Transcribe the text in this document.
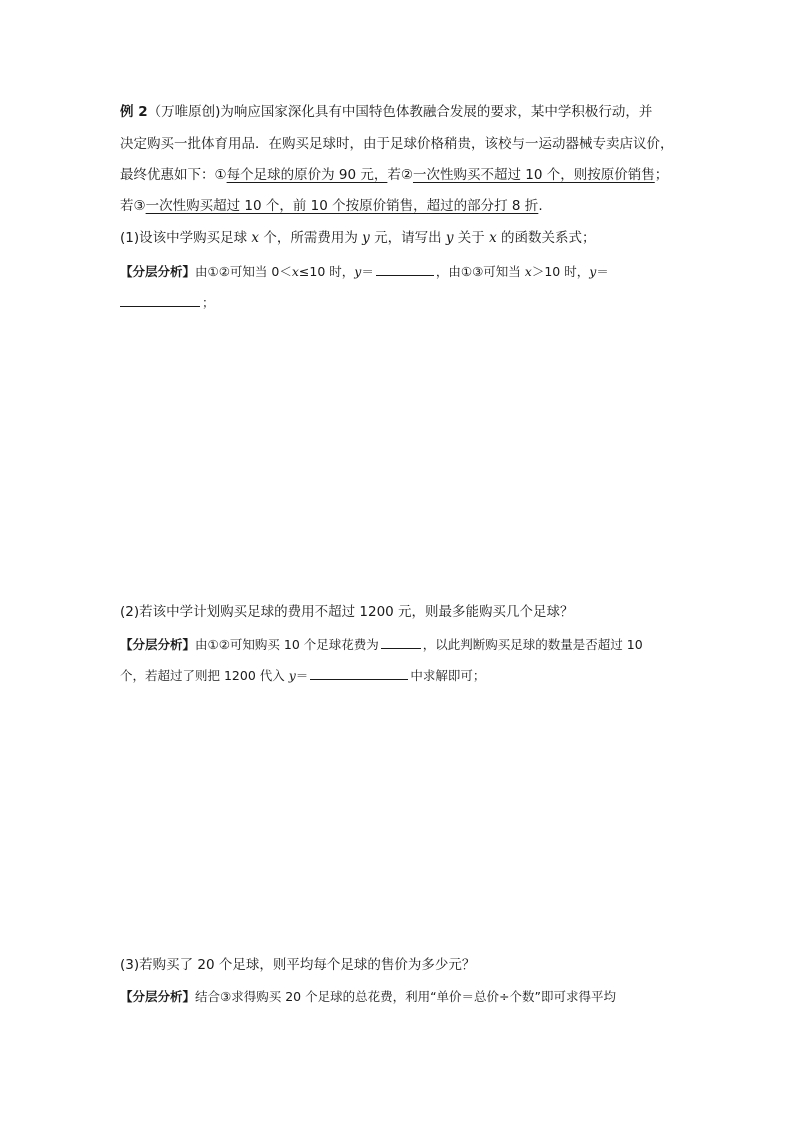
例 2（万唯原创)为响应国家深化具有中国特色体教融合发展的要求，某中学积极行动，并
决定购买一批体育用品．在购买足球时，由于足球价格稍贵，该校与一运动器械专卖店议价，
最终优惠如下：①每个足球的原价为 90 元，若②一次性购买不超过 10 个，则按原价销售；
若③一次性购买超过 10 个，前 10 个按原价销售，超过的部分打 8 折.
(1)设该中学购买足球 x 个，所需费用为 y 元，请写出 y 关于 x 的函数关系式；
【分层分析】由①②可知当 0＜x≤10 时，y＝	，由①③可知当 x＞10 时，y＝
；
(2)若该中学计划购买足球的费用不超过 1200 元，则最多能购买几个足球？
【分层分析】由①②可知购买 10 个足球花费为	，以此判断购买足球的数量是否超过 10
个，若超过了则把 1200 代入 y＝	中求解即可；
(3)若购买了 20 个足球，则平均每个足球的售价为多少元？
【分层分析】结合③求得购买 20 个足球的总花费，利用“单价＝总价÷个数”即可求得平均
